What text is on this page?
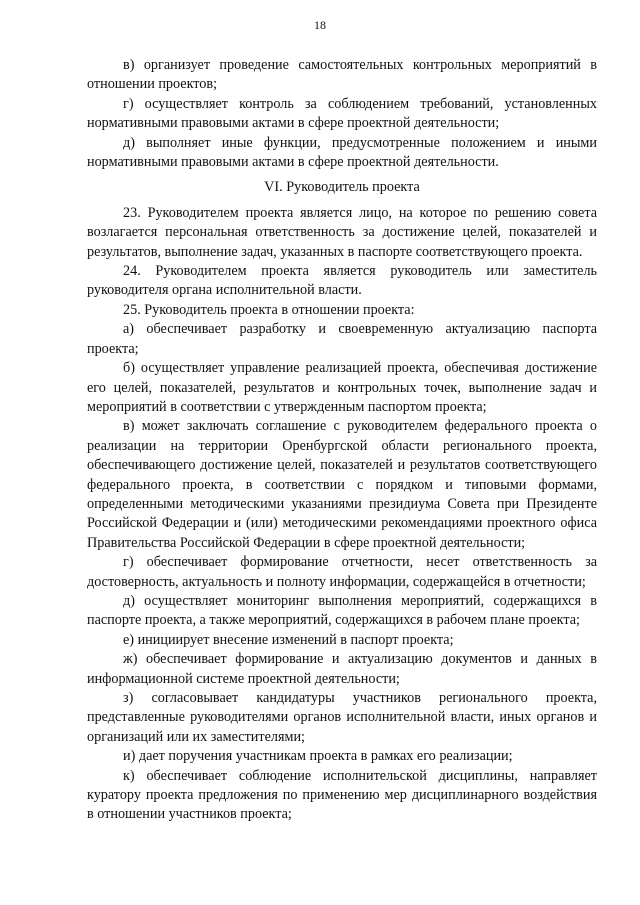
18

в) организует проведение самостоятельных контрольных мероприятий в отношении проектов;

г) осуществляет контроль за соблюдением требований, установленных нормативными правовыми актами в сфере проектной деятельности;

д) выполняет иные функции, предусмотренные положением и иными нормативными правовыми актами в сфере проектной деятельности.

VI. Руководитель проекта

23. Руководителем проекта является лицо, на которое по решению совета возлагается персональная ответственность за достижение целей, показателей и результатов, выполнение задач, указанных в паспорте соответствующего проекта.

24. Руководителем проекта является руководитель или заместитель руководителя органа исполнительной власти.

25. Руководитель проекта в отношении проекта:

а) обеспечивает разработку и своевременную актуализацию паспорта проекта;

б) осуществляет управление реализацией проекта, обеспечивая достижение его целей, показателей, результатов и контрольных точек, выполнение задач и мероприятий в соответствии с утвержденным паспортом проекта;

в) может заключать соглашение с руководителем федерального проекта о реализации на территории Оренбургской области регионального проекта, обеспечивающего достижение целей, показателей и результатов соответствующего федерального проекта, в соответствии с порядком и типовыми формами, определенными методическими указаниями президиума Совета при Президенте Российской Федерации и (или) методическими рекомендациями проектного офиса Правительства Российской Федерации в сфере проектной деятельности;

г) обеспечивает формирование отчетности, несет ответственность за достоверность, актуальность и полноту информации, содержащейся в отчетности;

д) осуществляет мониторинг выполнения мероприятий, содержащихся в паспорте проекта, а также мероприятий, содержащихся в рабочем плане проекта;

е) инициирует внесение изменений в паспорт проекта;

ж) обеспечивает формирование и актуализацию документов и данных в информационной системе проектной деятельности;

з) согласовывает кандидатуры участников регионального проекта, представленные руководителями органов исполнительной власти, иных органов и организаций или их заместителями;

и) дает поручения участникам проекта в рамках его реализации;

к) обеспечивает соблюдение исполнительской дисциплины, направляет куратору проекта предложения по применению мер дисциплинарного воздействия в отношении участников проекта;
